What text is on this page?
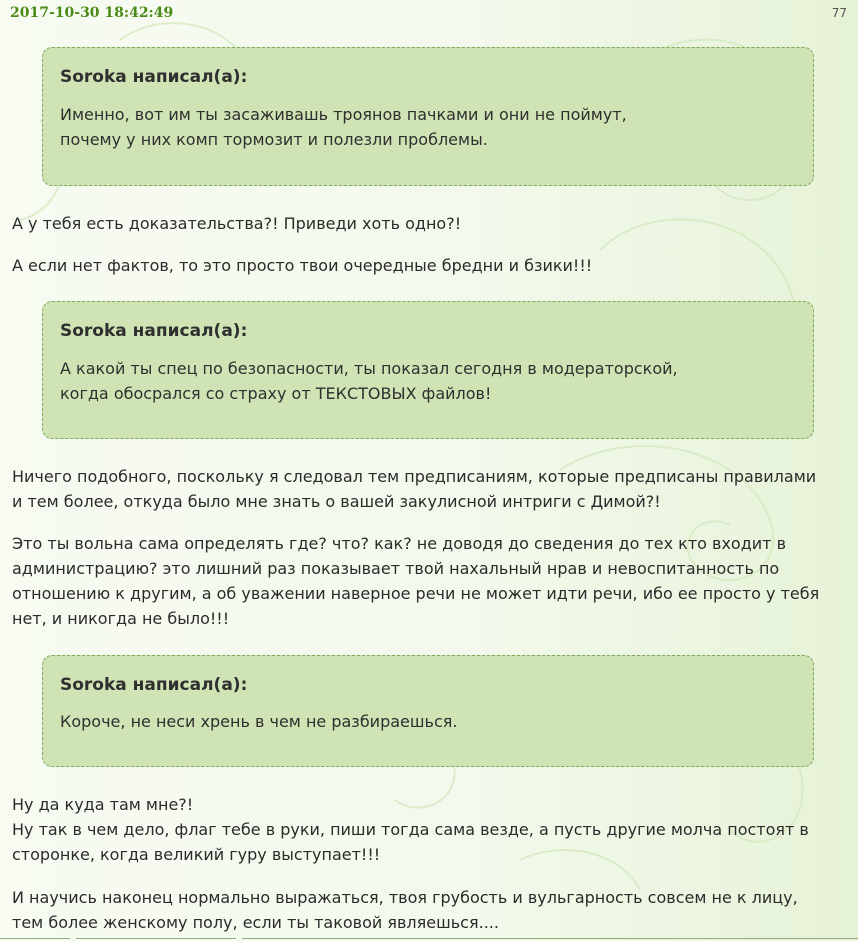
2017-10-30 18:42:49	77
Soroka написал(а):
Именно, вот им ты засаживашь троянов пачками и они не поймут,
почему у них комп тормозит и полезли проблемы.
А у тебя есть доказательства?! Приведи хоть одно?!
А если нет фактов, то это просто твои очередные бредни и бзики!!!
Soroka написал(а):
А какой ты спец по безопасности, ты показал сегодня в модераторской,
когда обосрался со страху от ТЕКСТОВЫХ файлов!
Ничего подобного, поскольку я следовал тем предписаниям, которые предписаны правилами
и тем более, откуда было мне знать о вашей закулисной интриги с Димой?!
Это ты вольна сама определять где? что? как? не доводя до сведения до тех кто входит в
администрацию? это лишний раз показывает твой нахальный нрав и невоспитанность по
отношению к другим, а об уважении наверное речи не может идти речи, ибо ее просто у тебя
нет, и никогда не было!!!
Soroka написал(а):
Короче, не неси хрень в чем не разбираешься.
Ну да куда там мне?!
Ну так в чем дело, флаг тебе в руки, пиши тогда сама везде, а пусть другие молча постоят в
сторонке, когда великий гуру выступает!!!
И научись наконец нормально выражаться, твоя грубость и вульгарность совсем не к лицу,
тем более женскому полу, если ты таковой являешься....
